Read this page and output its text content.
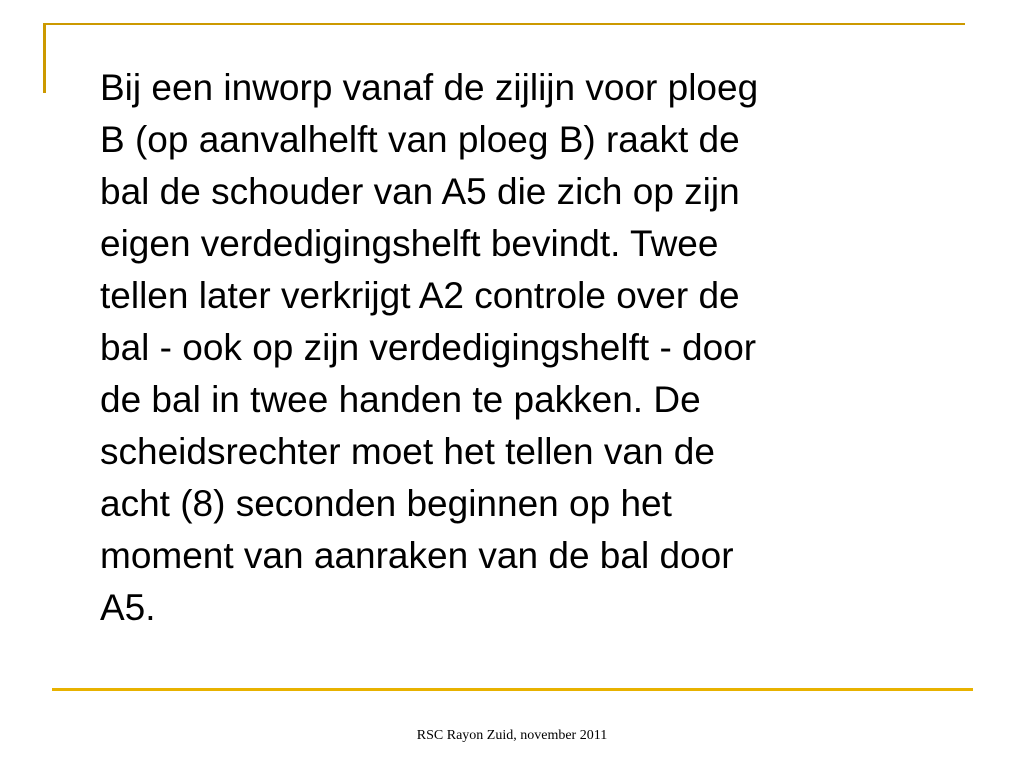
Bij een inworp vanaf de zijlijn voor ploeg
B (op aanvalhelft van ploeg B) raakt de
bal de schouder van A5 die zich op zijn
eigen verdedigingshelft bevindt. Twee
tellen later verkrijgt A2 controle over de
bal - ook op zijn verdedigingshelft - door
de bal in twee handen te pakken. De
scheidsrechter moet het tellen van de
acht (8) seconden beginnen op het
moment van aanraken van de bal door
A5.

RSC Rayon Zuid, november 2011
